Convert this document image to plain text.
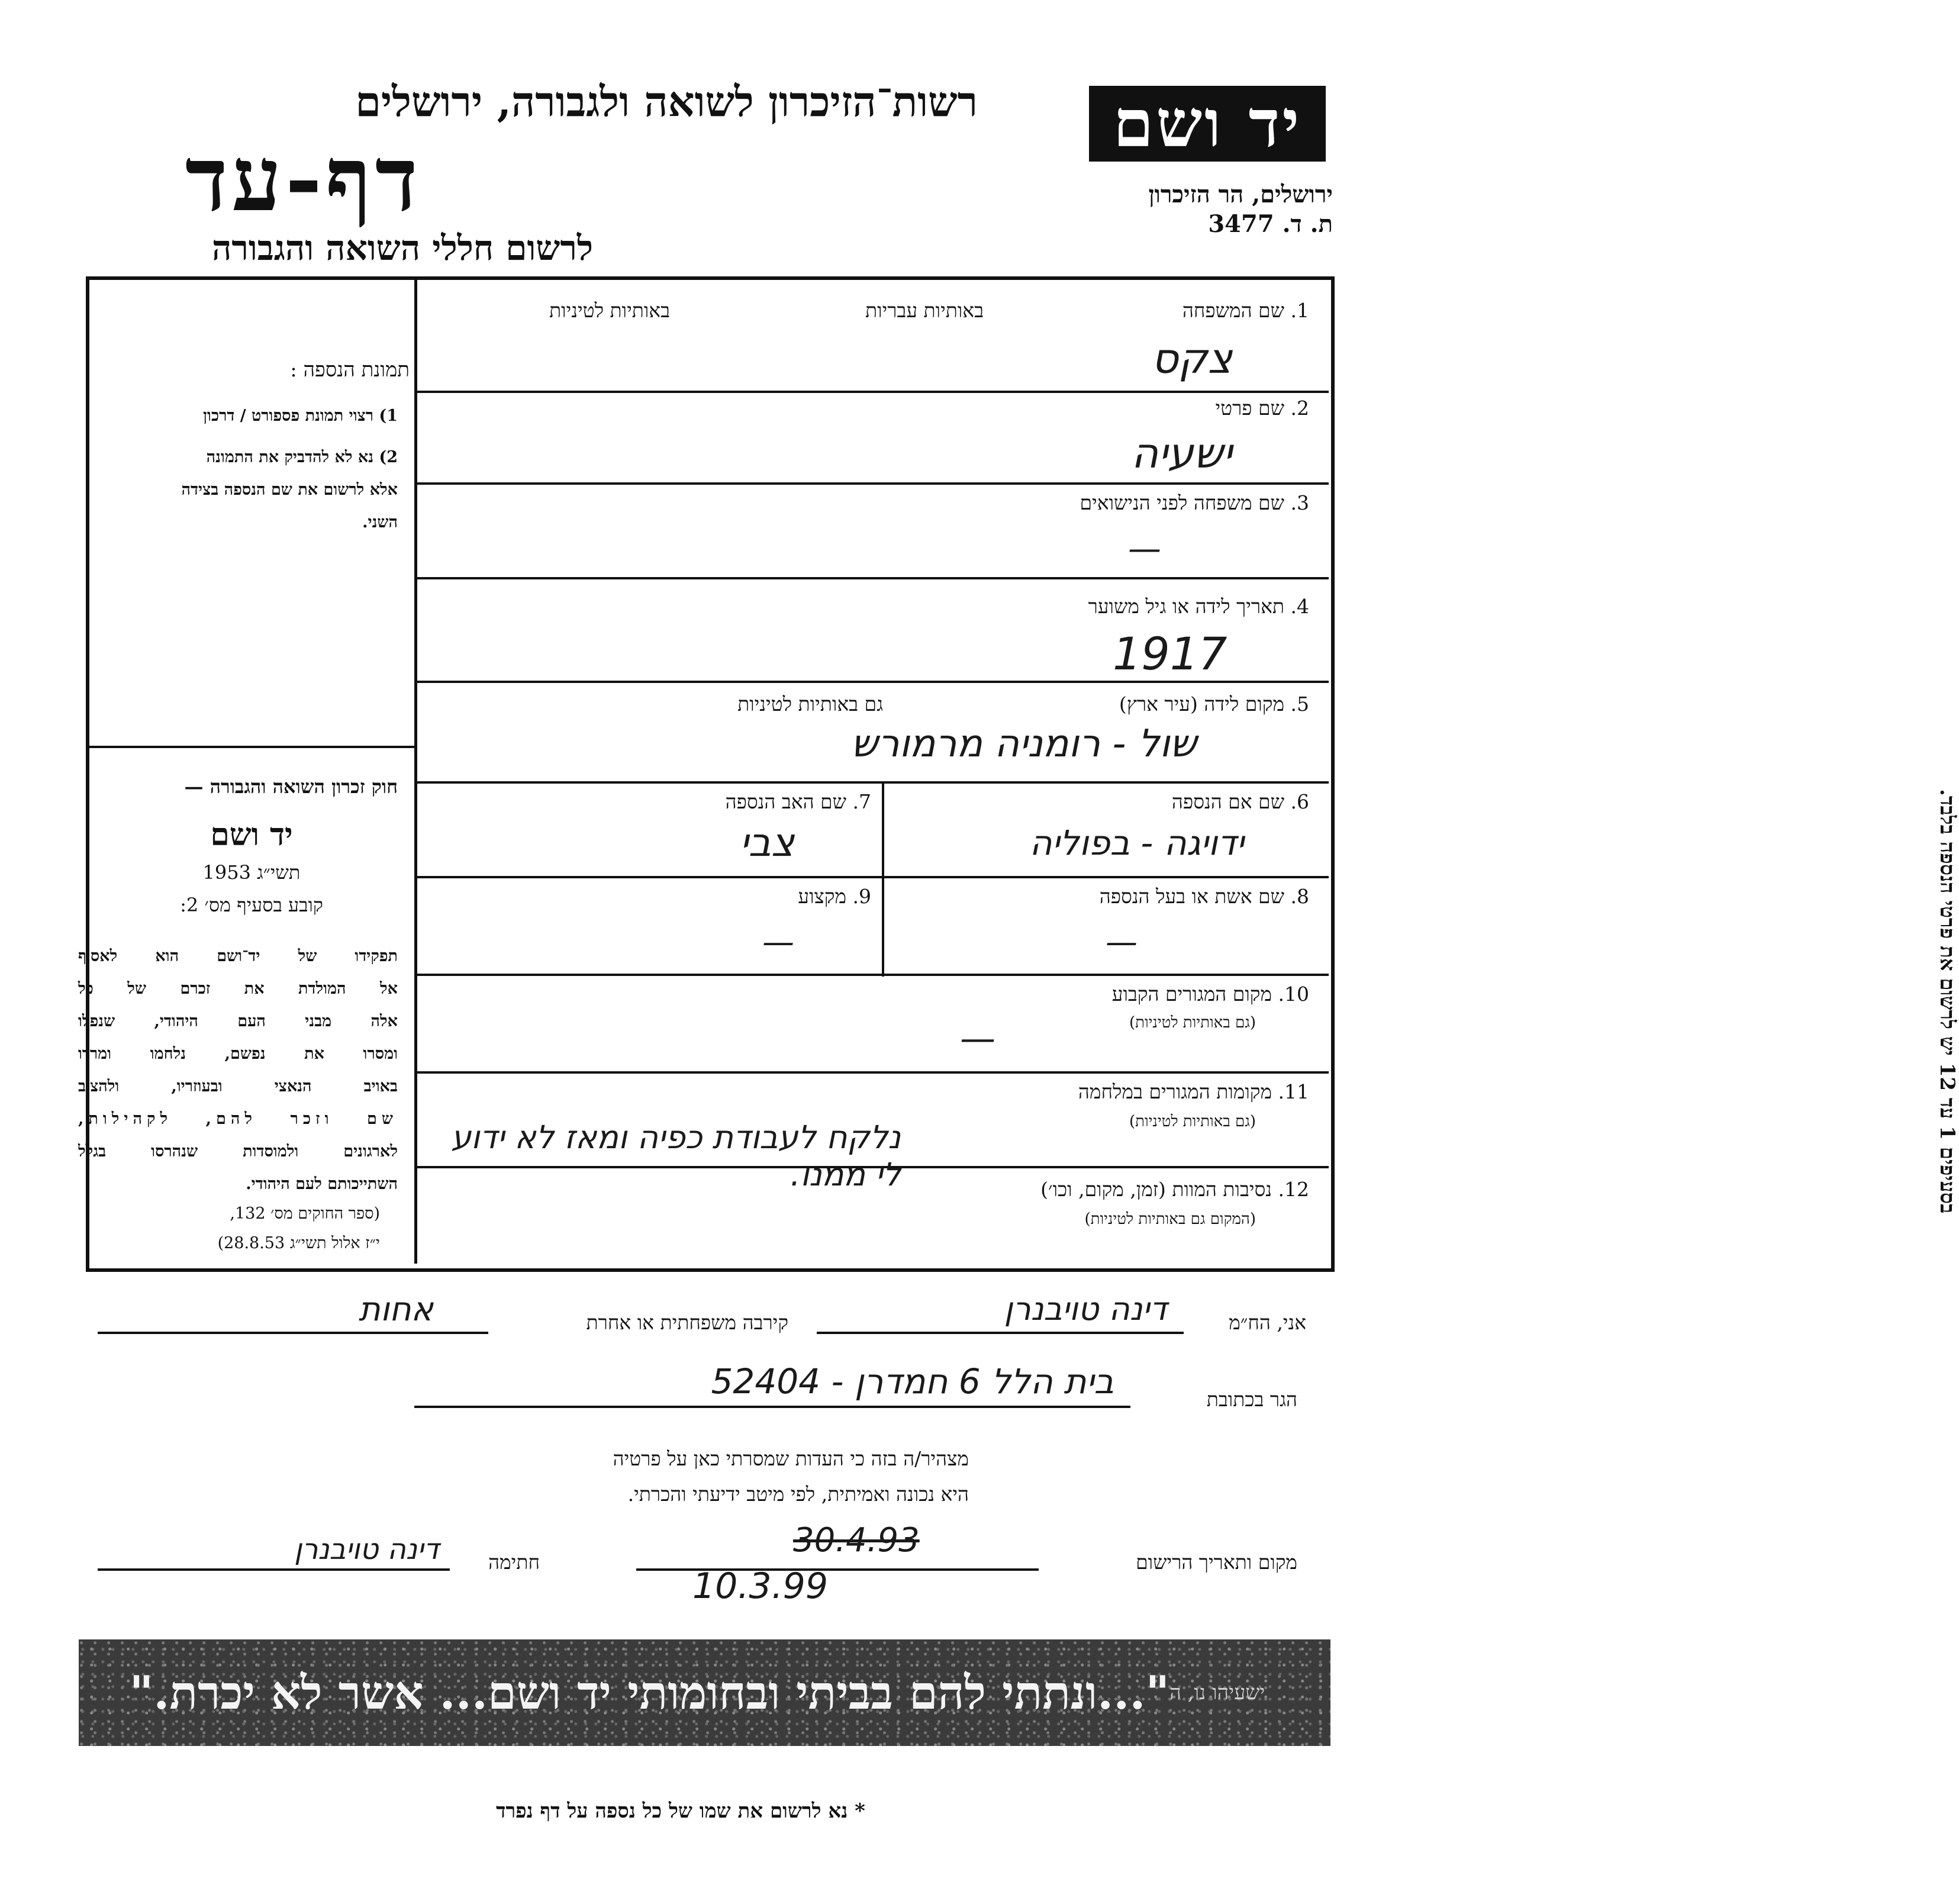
רשות־הזיכרון לשואה ולגבורה, ירושלים
דף-עד
לרשום חללי השואה והגבורה
יד ושם
ירושלים, הר הזיכרון
ת. ד. 3477
תמונת הנספה :
1) רצוי תמונת פספורט / דרכון
2) נא לא להדביק את התמונה
אלא לרשום את שם הנספה בצידה
השני.
חוק זכרון השואה והגבורה —
יד ושם
תשי״ג 1953
קובע בסעיף מס׳ 2:
תפקידו של יד־ושם הוא לאסוף
אל המולדת את זכרם של כל
אלה מבני העם היהודי, שנפלו
ומסרו את נפשם, נלחמו ומרדו
באויב הנאצי ובעוזריו, ולהציב
שם וזכר להם, לקהילות,
לארגונים ולמוסדות שנהרסו בגלל
השתייכותם לעם היהודי.
(ספר החוקים מס׳ 132,
י״ז אלול תשי״ג 28.8.53)
1. שם המשפחה
באותיות עבריות
באותיות לטיניות
צקס
2. שם פרטי
ישעיה
3. שם משפחה לפני הנישואים
—
4. תאריך לידה או גיל משוער
1917
5. מקום לידה (עיר ארץ)
גם באותיות לטיניות
שול - רומניה מרמורש
6. שם אם הנספה
ידויגה - בפוליה
7. שם האב הנספה
צבי
8. שם אשת או בעל הנספה
—
9. מקצוע
—
10. מקום המגורים הקבוע
(גם באותיות לטיניות)
—
11. מקומות המגורים במלחמה
(גם באותיות לטיניות)
נלקח לעבודת כפיה ומאז לא ידוע לי ממנו.	12. נסיבות המוות (זמן, מקום, וכו׳)
(המקום גם באותיות לטיניות)
בסעיפים 1 עד 12 יש לרשום את פרטי הנספה בלבד.
אני, הח״מ
דינה טויבנרן
קירבה משפחתית או אחרת
אחות
הגר בכתובת
בית הלל 6 חמדרן - 52404
מצהיר/ה בזה כי העדות שמסרתי כאן על פרטיה
היא נכונה ואמיתית, לפי מיטב ידיעתי והכרתי.
מקום ותאריך הרישום
30.4.93
10.3.99
חתימה
דינה טויבנרן
"...ונתתי להם בביתי ובחומותי יד ושם... אשר לא יכרת." ישעיהו נו, ה
* נא לרשום את שמו של כל נספה על דף נפרד
